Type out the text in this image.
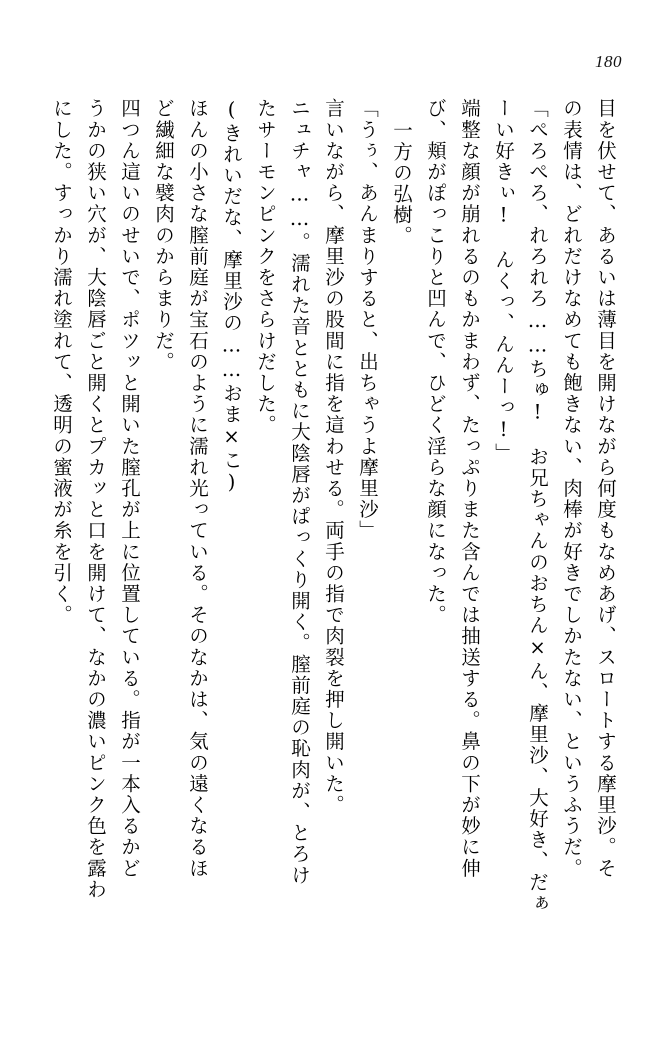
180
目を伏せて、あるいは薄目を開けながら何度もなめあげ、スロートする摩里沙。そ
の表情は、どれだけなめても飽きない、肉棒が好きでしかたない、というふうだ。
「ぺろぺろ、れろれろ……ちゅ!　お兄ちゃんのおちん×ん、摩里沙、大好き、だぁ
ーい好きぃ!　んくっ、んんーっ!」
端整な顔が崩れるのもかまわず、たっぷりまた含んでは抽送する。鼻の下が妙に伸
び、頬がぽっこりと凹んで、ひどく淫らな顔になった。
一方の弘樹。
「うぅ、あんまりすると、出ちゃうよ摩里沙」
言いながら、摩里沙の股間に指を這わせる。両手の指で肉裂を押し開いた。
ニュチャ……。濡れた音とともに大陰唇がぱっくり開く。膣前庭の恥肉が、とろけ
たサーモンピンクをさらけだした。
(きれいだな、摩里沙の……おま×こ)
ほんの小さな膣前庭が宝石のように濡れ光っている。そのなかは、気の遠くなるほ
ど繊細な襞肉のからまりだ。
四つん這いのせいで、ポツッと開いた膣孔が上に位置している。指が一本入るかど
うかの狭い穴が、大陰唇ごと開くとプカッと口を開けて、なかの濃いピンク色を露わ
にした。すっかり濡れ塗れて、透明の蜜液が糸を引く。
